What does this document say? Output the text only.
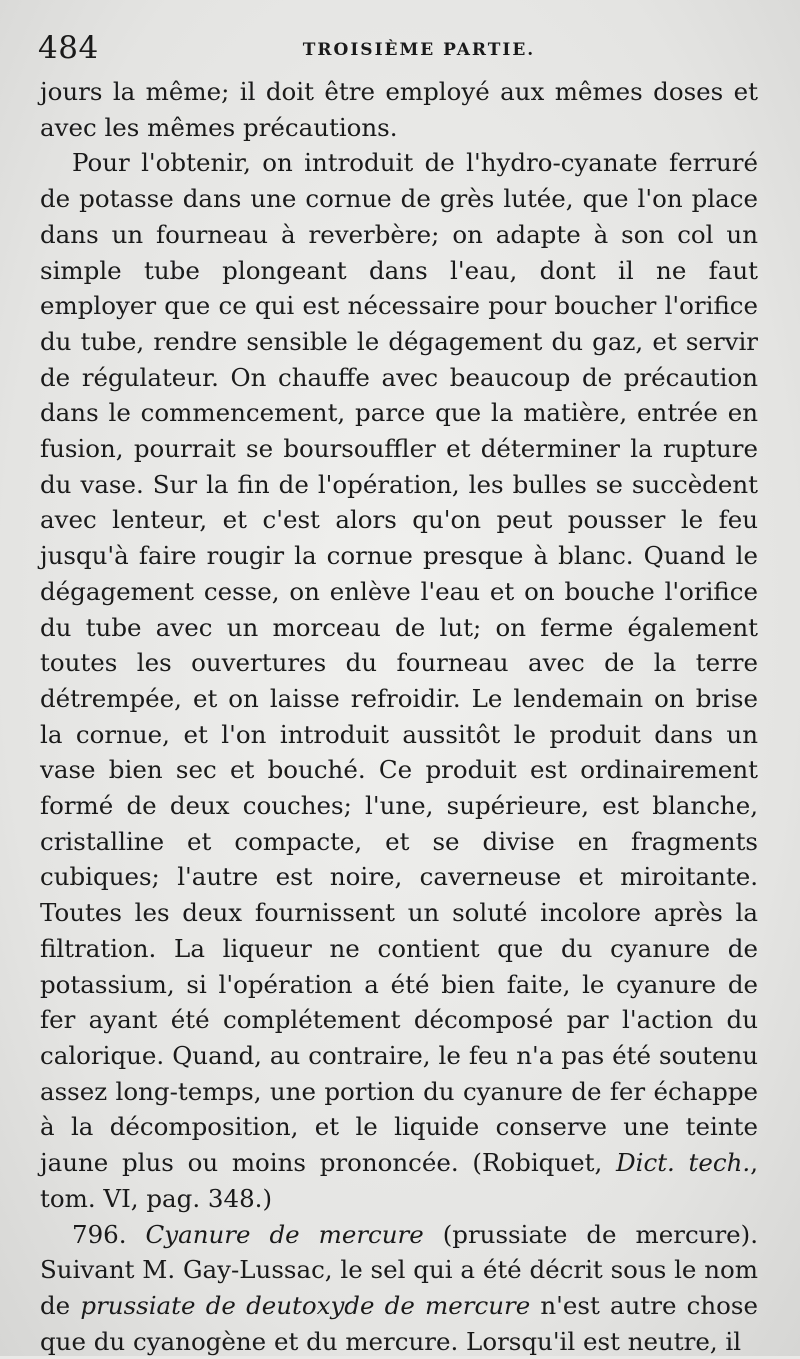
484	TROISIÈME PARTIE.

jours la même; il doit être employé aux mêmes doses et avec les mêmes précautions.

Pour l'obtenir, on introduit de l'hydro-cyanate ferruré de potasse dans une cornue de grès lutée, que l'on place dans un fourneau à reverbère; on adapte à son col un simple tube plongeant dans l'eau, dont il ne faut employer que ce qui est nécessaire pour boucher l'orifice du tube, rendre sensible le dégagement du gaz, et servir de régulateur. On chauffe avec beaucoup de précaution dans le commencement, parce que la matière, entrée en fusion, pourrait se boursouffler et déterminer la rupture du vase. Sur la fin de l'opération, les bulles se succèdent avec lenteur, et c'est alors qu'on peut pousser le feu jusqu'à faire rougir la cornue presque à blanc. Quand le dégagement cesse, on enlève l'eau et on bouche l'orifice du tube avec un morceau de lut; on ferme également toutes les ouvertures du fourneau avec de la terre détrempée, et on laisse refroidir. Le lendemain on brise la cornue, et l'on introduit aussitôt le produit dans un vase bien sec et bouché. Ce produit est ordinairement formé de deux couches; l'une, supérieure, est blanche, cristalline et compacte, et se divise en fragments cubiques; l'autre est noire, caverneuse et miroitante. Toutes les deux fournissent un soluté incolore après la filtration. La liqueur ne contient que du cyanure de potassium, si l'opération a été bien faite, le cyanure de fer ayant été complétement décomposé par l'action du calorique. Quand, au contraire, le feu n'a pas été soutenu assez long-temps, une portion du cyanure de fer échappe à la décomposition, et le liquide conserve une teinte jaune plus ou moins prononcée. (Robiquet, Dict. tech., tom. VI, pag. 348.)

796. Cyanure de mercure (prussiate de mercure). Suivant M. Gay-Lussac, le sel qui a été décrit sous le nom de prussiate de deutoxyde de mercure n'est autre chose que du cyanogène et du mercure. Lorsqu'il est neutre, il
